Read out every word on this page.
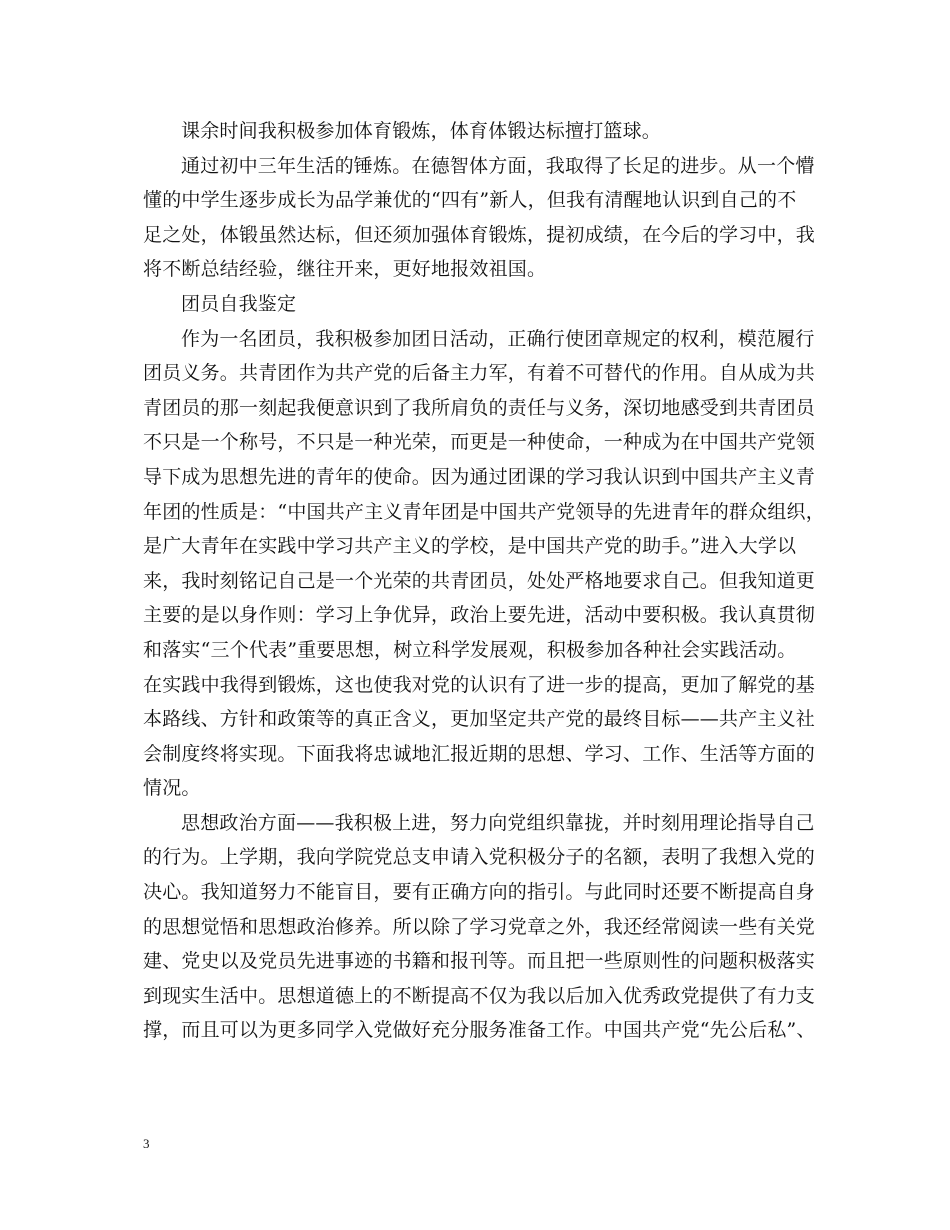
课余时间我积极参加体育锻炼，体育体锻达标擅打篮球。
通过初中三年生活的锤炼。在德智体方面，我取得了长足的进步。从一个懵
懂的中学生逐步成长为品学兼优的“四有”新人，但我有清醒地认识到自己的不
足之处，体锻虽然达标，但还须加强体育锻炼，提初成绩，在今后的学习中，我
将不断总结经验，继往开来，更好地报效祖国。
团员自我鉴定
作为一名团员，我积极参加团日活动，正确行使团章规定的权利，模范履行
团员义务。共青团作为共产党的后备主力军，有着不可替代的作用。自从成为共
青团员的那一刻起我便意识到了我所肩负的责任与义务，深切地感受到共青团员
不只是一个称号，不只是一种光荣，而更是一种使命，一种成为在中国共产党领
导下成为思想先进的青年的使命。因为通过团课的学习我认识到中国共产主义青
年团的性质是：“中国共产主义青年团是中国共产党领导的先进青年的群众组织，
是广大青年在实践中学习共产主义的学校，是中国共产党的助手。”进入大学以
来，我时刻铭记自己是一个光荣的共青团员，处处严格地要求自己。但我知道更
主要的是以身作则：学习上争优异，政治上要先进，活动中要积极。我认真贯彻
和落实“三个代表”重要思想，树立科学发展观，积极参加各种社会实践活动。
在实践中我得到锻炼，这也使我对党的认识有了进一步的提高，更加了解党的基
本路线、方针和政策等的真正含义，更加坚定共产党的最终目标——共产主义社
会制度终将实现。下面我将忠诚地汇报近期的思想、学习、工作、生活等方面的
情况。
思想政治方面——我积极上进，努力向党组织靠拢，并时刻用理论指导自己
的行为。上学期，我向学院党总支申请入党积极分子的名额，表明了我想入党的
决心。我知道努力不能盲目，要有正确方向的指引。与此同时还要不断提高自身
的思想觉悟和思想政治修养。所以除了学习党章之外，我还经常阅读一些有关党
建、党史以及党员先进事迹的书籍和报刊等。而且把一些原则性的问题积极落实
到现实生活中。思想道德上的不断提高不仅为我以后加入优秀政党提供了有力支
撑，而且可以为更多同学入党做好充分服务准备工作。中国共产党“先公后私”、
3
